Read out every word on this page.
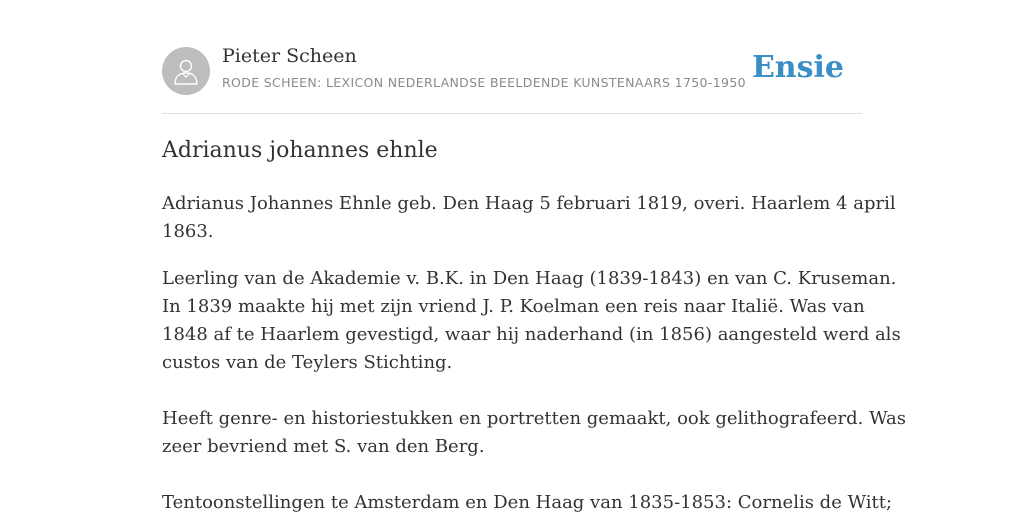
Pieter Scheen
RODE SCHEEN: LEXICON NEDERLANDSE BEELDENDE KUNSTENAARS 1750-1950 Ensie
Adrianus johannes ehnle

Adrianus Johannes Ehnle geb. Den Haag 5 februari 1819, overi. Haarlem 4 april
1863.

Leerling van de Akademie v. B.K. in Den Haag (1839-1843) en van C. Kruseman.
In 1839 maakte hij met zijn vriend J. P. Koelman een reis naar Italië. Was van
1848 af te Haarlem gevestigd, waar hij naderhand (in 1856) aangesteld werd als
custos van de Teylers Stichting.

Heeft genre- en historiestukken en portretten gemaakt, ook gelithografeerd. Was
zeer bevriend met S. van den Berg.

Tentoonstellingen te Amsterdam en Den Haag van 1835-1853: Cornelis de Witt;
